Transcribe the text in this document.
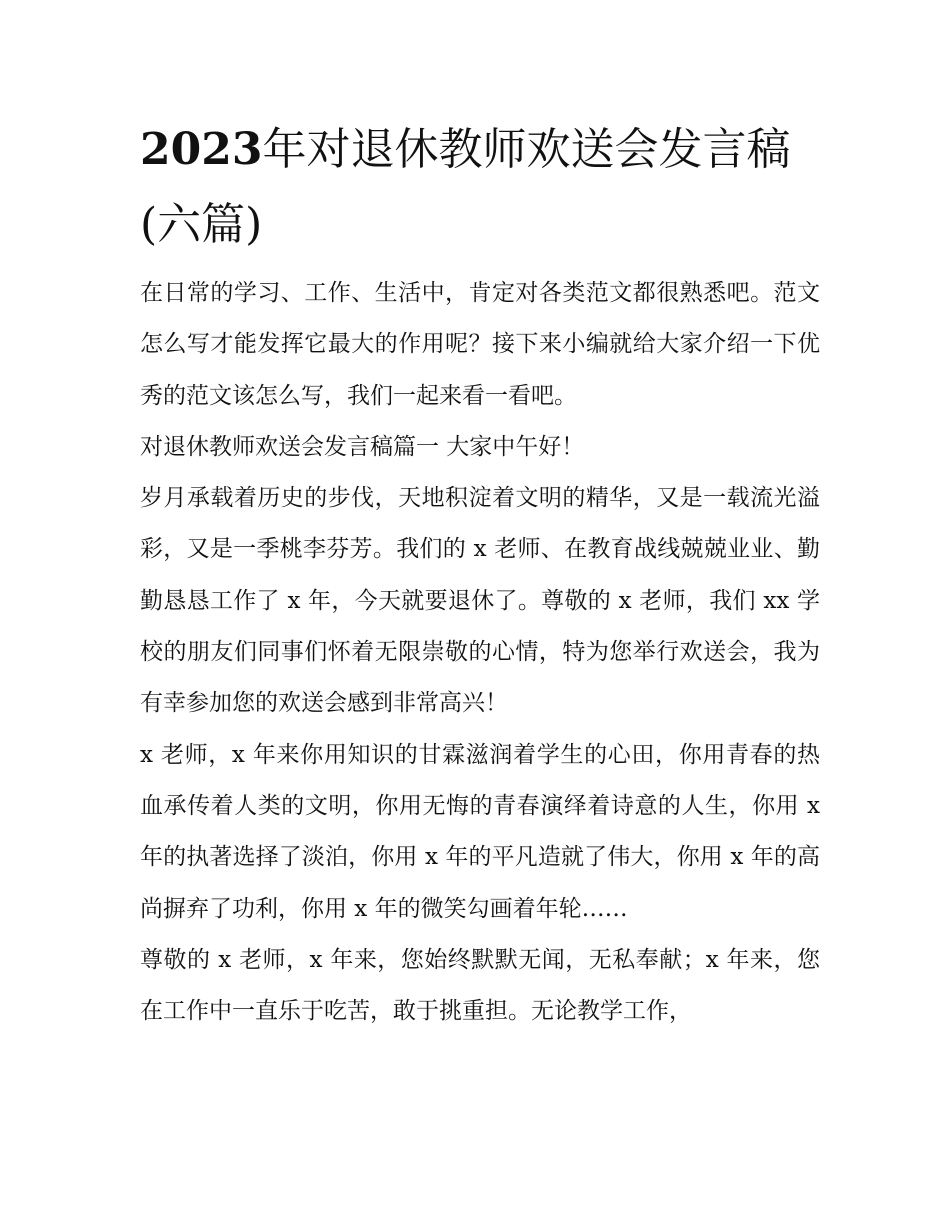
2023年对退休教师欢送会发言稿(六篇)

在日常的学习、工作、生活中，肯定对各类范文都很熟悉吧。范文怎么写才能发挥它最大的作用呢？接下来小编就给大家介绍一下优秀的范文该怎么写，我们一起来看一看吧。

对退休教师欢送会发言稿篇一 大家中午好！

岁月承载着历史的步伐，天地积淀着文明的精华，又是一载流光溢彩，又是一季桃李芬芳。我们的 x 老师、在教育战线兢兢业业、勤勤恳恳工作了 x 年，今天就要退休了。尊敬的 x 老师，我们 xx 学校的朋友们同事们怀着无限崇敬的心情，特为您举行欢送会，我为有幸参加您的欢送会感到非常高兴！

x 老师，x 年来你用知识的甘霖滋润着学生的心田，你用青春的热血承传着人类的文明，你用无悔的青春演绎着诗意的人生，你用 x 年的执著选择了淡泊，你用 x 年的平凡造就了伟大，你用 x 年的高尚摒弃了功利，你用 x 年的微笑勾画着年轮……

尊敬的 x 老师，x 年来，您始终默默无闻，无私奉献；x 年来，您在工作中一直乐于吃苦，敢于挑重担。无论教学工作，
